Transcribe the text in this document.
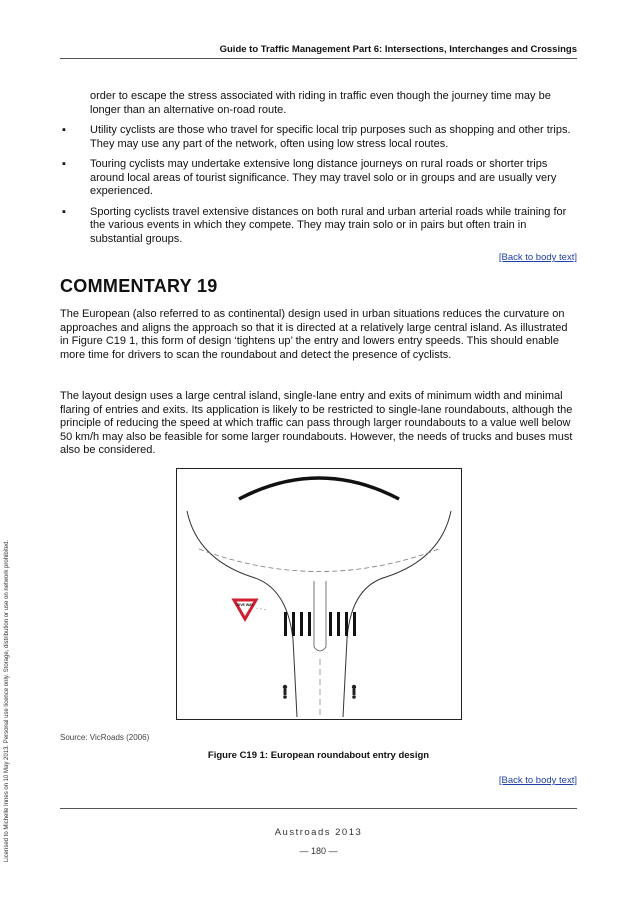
Guide to Traffic Management Part 6: Intersections, Interchanges and Crossings
order to escape the stress associated with riding in traffic even though the journey time may be longer than an alternative on-road route.
▪ Utility cyclists are those who travel for specific local trip purposes such as shopping and other trips. They may use any part of the network, often using low stress local routes.
▪ Touring cyclists may undertake extensive long distance journeys on rural roads or shorter trips around local areas of tourist significance. They may travel solo or in groups and are usually very experienced.
▪ Sporting cyclists travel extensive distances on both rural and urban arterial roads while training for the various events in which they compete. They may train solo or in pairs but often train in substantial groups.
[Back to body text]
COMMENTARY 19
The European (also referred to as continental) design used in urban situations reduces the curvature on approaches and aligns the approach so that it is directed at a relatively large central island. As illustrated in Figure C19 1, this form of design ‘tightens up’ the entry and lowers entry speeds. This should enable more time for drivers to scan the roundabout and detect the presence of cyclists.
The layout design uses a large central island, single-lane entry and exits of minimum width and minimal flaring of entries and exits. Its application is likely to be restricted to single-lane roundabouts, although the principle of reducing the speed at which traffic can pass through larger roundabouts to a value well below 50 km/h may also be feasible for some larger roundabouts. However, the needs of trucks and buses must also be considered.
GIVE WAY
Source: VicRoads (2006)
Figure C19 1: European roundabout entry design
[Back to body text]
Austroads 2013
— 180 —
Licensed to Michelle Innes on 10 May 2013. Personal use licence only. Storage, distribution or use on network prohibited.
